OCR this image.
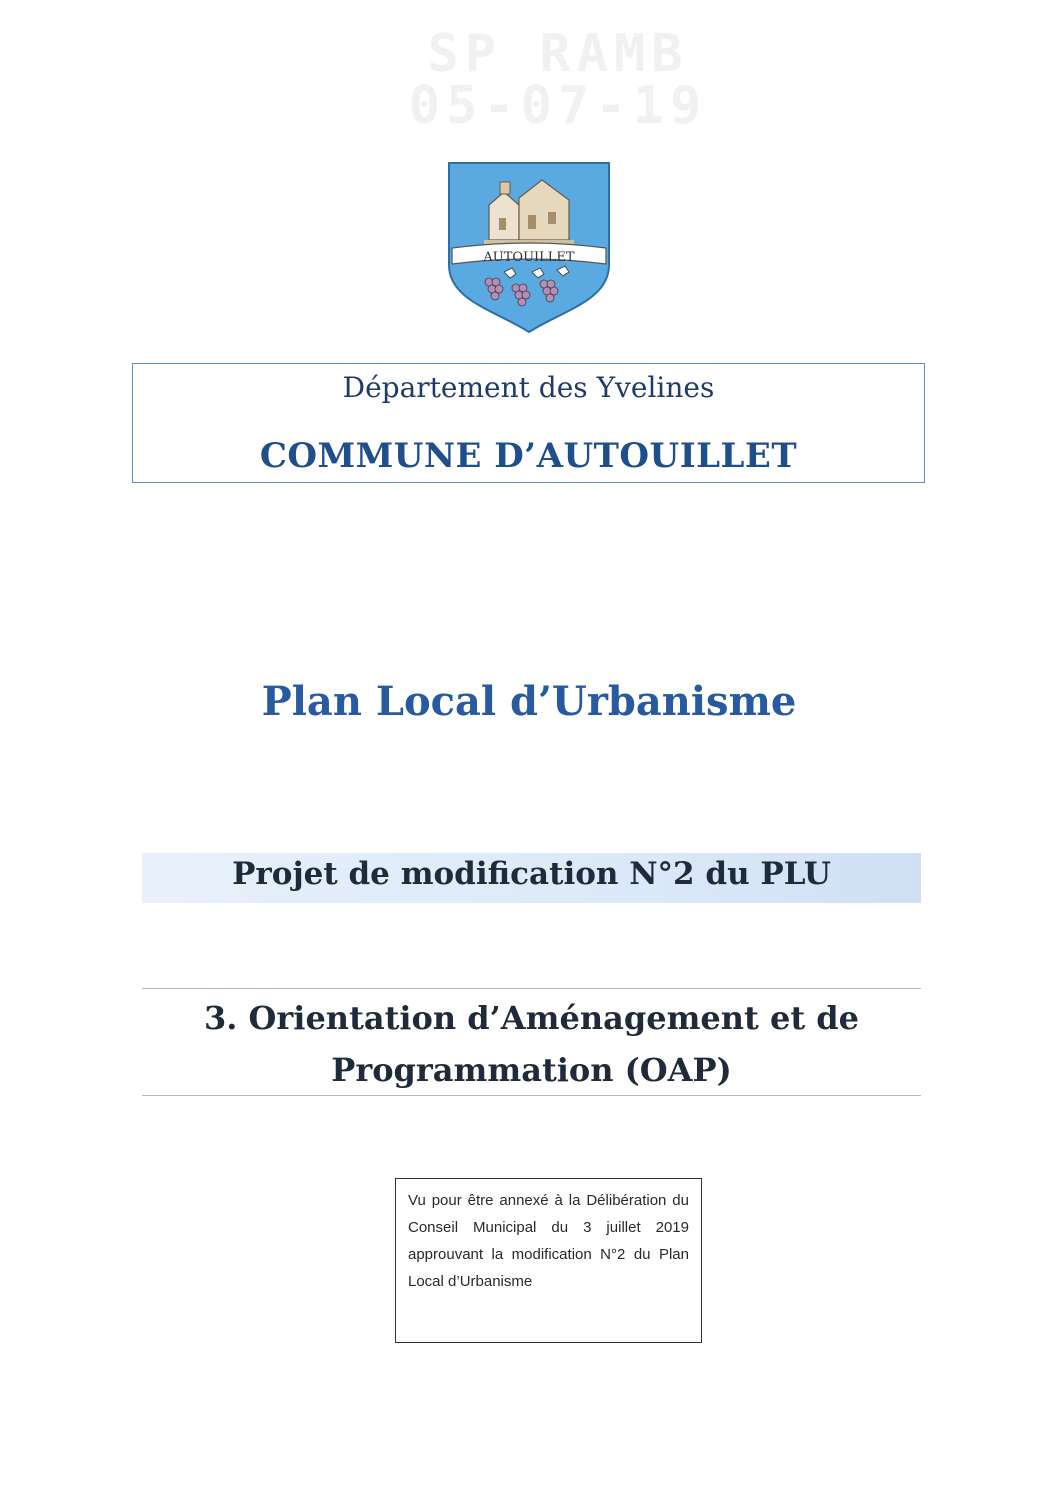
SP RAMB
05-07-19
AUTOUILLET
Département des Yvelines
COMMUNE D’AUTOUILLET
Plan Local d’Urbanisme
Projet de modification N°2 du PLU
3. Orientation d’Aménagement et de
Programmation (OAP)
Vu pour être annexé à la Délibération du Conseil Municipal du 3 juillet 2019 approuvant la modification N°2 du Plan Local d’Urbanisme
